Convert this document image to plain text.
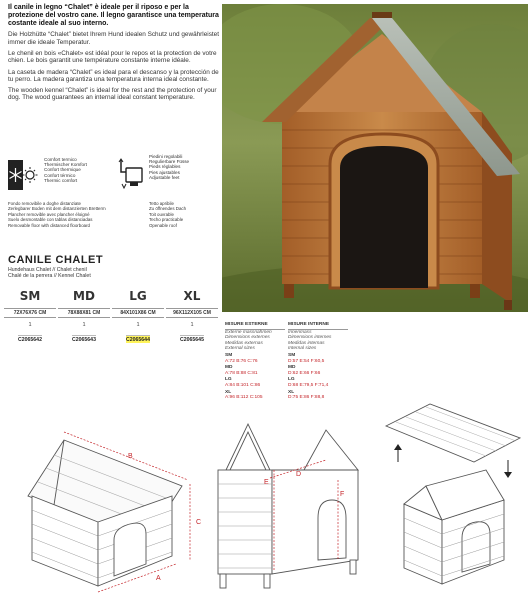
Il canile in legno “Chalet” è ideale per il riposo e per la protezione del vostro cane. Il legno garantisce una temperatura costante ideale al suo interno.

Die Holzhütte “Chalet” bietet Ihrem Hund idealen Schutz und gewährleistet immer die ideale Temperatur.

Le chenil en bois «Chalet» est idéal pour le repos et la protection de votre chien. Le bois garantit une température constante interne idéale.

La caseta de madera “Chalet” es ideal para el descanso y la protección de tu perro. La madera garantiza una temperatura interna ideal constante.

The wooden kennel “Chalet” is ideal for the rest and the protection of your dog. The wood guarantees an internal ideal constant temperature.

Comfort termico
Thermischer Komfort
Confort thermique
Confort térmico
Thermic comfort
Piedini regolabili
Regulierbare Füsse
Pieds réglables
Pies ajustables
Adjustable feet
Fondo removibile a doghe distanziate
Zerlegbarer Boden mit dem distanzierten Bretterm
Plancher removible avec plancher éloigné
Suelo desmontable con tablas distanciadas
Removable floor with distanced floorboard
Tetto apribile
Zu öffnendes Dach
Toit ouvrable
Techo practicable
Openable roof
CANILE CHALET
Hundehaus Chalet // Chalet chenil
Chalé de la perrera // Kennel Chalet
SM
72X76X76 CM
1
C2065642
MD
78X88X81 CM
1
C2065643
LG
84X101X86 CM
1
C2065644
XL
96X112X105 CM
1
C2065645
MISURE ESTERNE
Externe massnahmen
Dimensions externes
Medidas externas
External sizes
SM
A:72 B:76 C:76
MD
A:78 B:88 C:81
LG
A:84 B:101 C:86
XL
A:96 B:112 C:105
MISURE INTERNE
Innenmass
Dimensions internes
Medidas internas
Internal sizes
SM
D:57 E:54 F:60,5
MD
D:62 E:66 F:66
LG
D:68 E:79,5 F:71,4
XL
D:75 E:86 F:88,8
B
C
A
D
E
F
